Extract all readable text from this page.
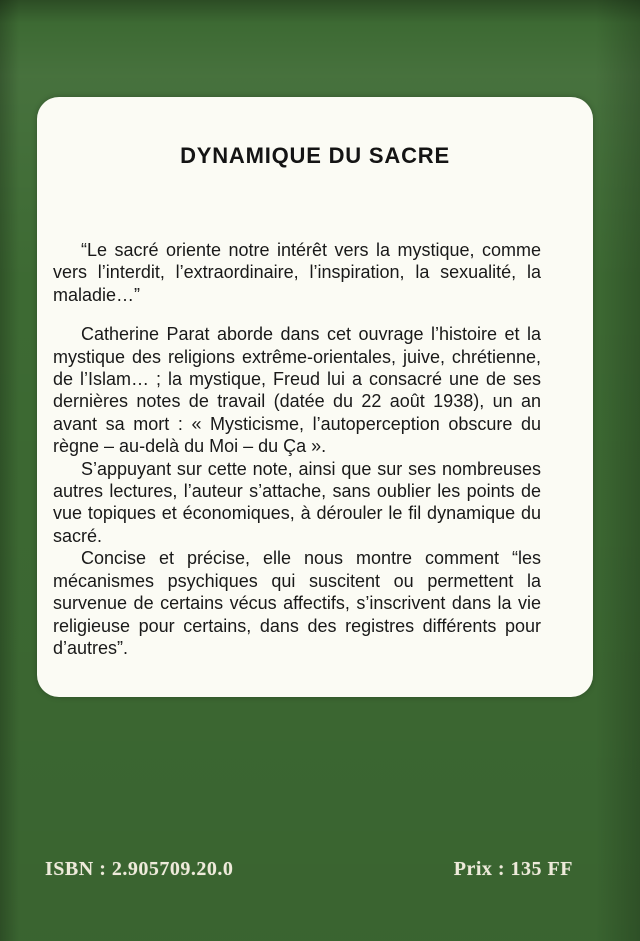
DYNAMIQUE DU SACRE

“Le sacré oriente notre intérêt vers la mystique, comme vers l’interdit, l’extraordinaire, l’inspiration, la sexualité, la maladie…”

Catherine Parat aborde dans cet ouvrage l’histoire et la mystique des religions extrême-orientales, juive, chrétienne, de l’Islam… ; la mystique, Freud lui a consacré une de ses dernières notes de travail (datée du 22 août 1938), un an avant sa mort : « Mysticisme, l’autoperception obscure du règne – au-delà du Moi – du Ça ».

S’appuyant sur cette note, ainsi que sur ses nombreuses autres lectures, l’auteur s’attache, sans oublier les points de vue topiques et économiques, à dérouler le fil dynamique du sacré.

Concise et précise, elle nous montre comment “les mécanismes psychiques qui suscitent ou permettent la survenue de certains vécus affectifs, s’inscrivent dans la vie religieuse pour certains, dans des registres différents pour d’autres”.

ISBN : 2.905709.20.0	Prix : 135 FF
